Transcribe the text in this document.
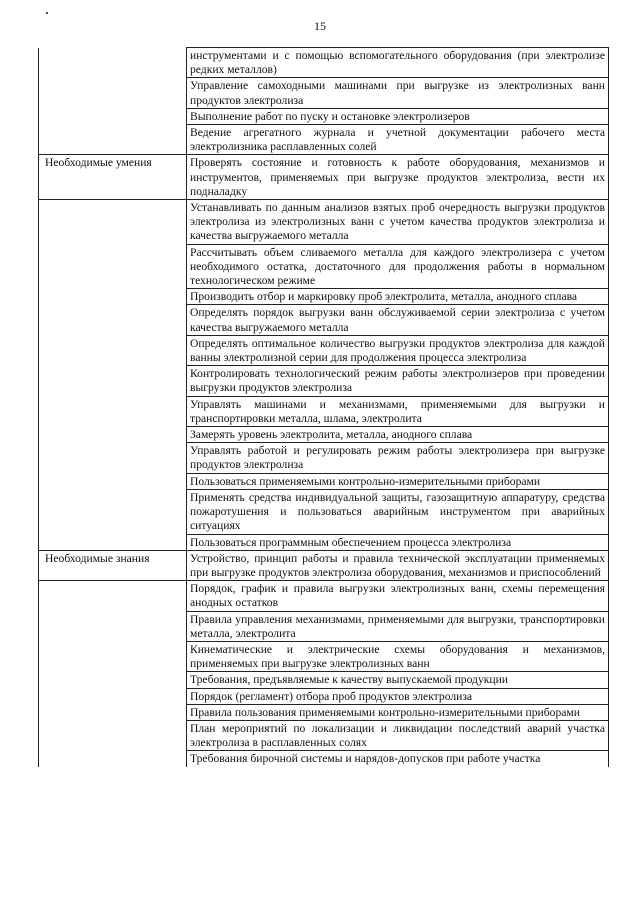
15
	инструментами и с помощью вспомогательного оборудования (при электролизе редких металлов)
	Управление самоходными машинами при выгрузке из электролизных ванн продуктов электролиза
	Выполнение работ по пуску и остановке электролизеров
	Ведение агрегатного журнала и учетной документации рабочего места электролизника расплавленных солей
Необходимые умения	Проверять состояние и готовность к работе оборудования, механизмов и инструментов, применяемых при выгрузке продуктов электролиза, вести их подналадку
	Устанавливать по данным анализов взятых проб очередность выгрузки продуктов электролиза из электролизных ванн с учетом качества продуктов электролиза и качества выгружаемого металла
	Рассчитывать объем сливаемого металла для каждого электролизера с учетом необходимого остатка, достаточного для продолжения работы в нормальном технологическом режиме
	Производить отбор и маркировку проб электролита, металла, анодного сплава
	Определять порядок выгрузки ванн обслуживаемой серии электролиза с учетом качества выгружаемого металла
	Определять оптимальное количество выгрузки продуктов электролиза для каждой ванны электролизной серии для продолжения процесса электролиза
	Контролировать технологический режим работы электролизеров при проведении выгрузки продуктов электролиза
	Управлять машинами и механизмами, применяемыми для выгрузки и транспортировки металла, шлама, электролита
	Замерять уровень электролита, металла, анодного сплава
	Управлять работой и регулировать режим работы электролизера при выгрузке продуктов электролиза
	Пользоваться применяемыми контрольно-измерительными приборами
	Применять средства индивидуальной защиты, газозащитную аппаратуру, средства пожаротушения и пользоваться аварийным инструментом при аварийных ситуациях
	Пользоваться программным обеспечением процесса электролиза
Необходимые знания	Устройство, принцип работы и правила технической эксплуатации применяемых при выгрузке продуктов электролиза оборудования, механизмов и приспособлений
	Порядок, график и правила выгрузки электролизных ванн, схемы перемещения анодных остатков
	Правила управления механизмами, применяемыми для выгрузки, транспортировки металла, электролита
	Кинематические и электрические схемы оборудования и механизмов, применяемых при выгрузке электролизных ванн
	Требования, предъявляемые к качеству выпускаемой продукции
	Порядок (регламент) отбора проб продуктов электролиза
	Правила пользования применяемыми контрольно-измерительными приборами
	План мероприятий по локализации и ликвидации последствий аварий участка электролиза в расплавленных солях
	Требования бирочной системы и нарядов-допусков при работе участка
